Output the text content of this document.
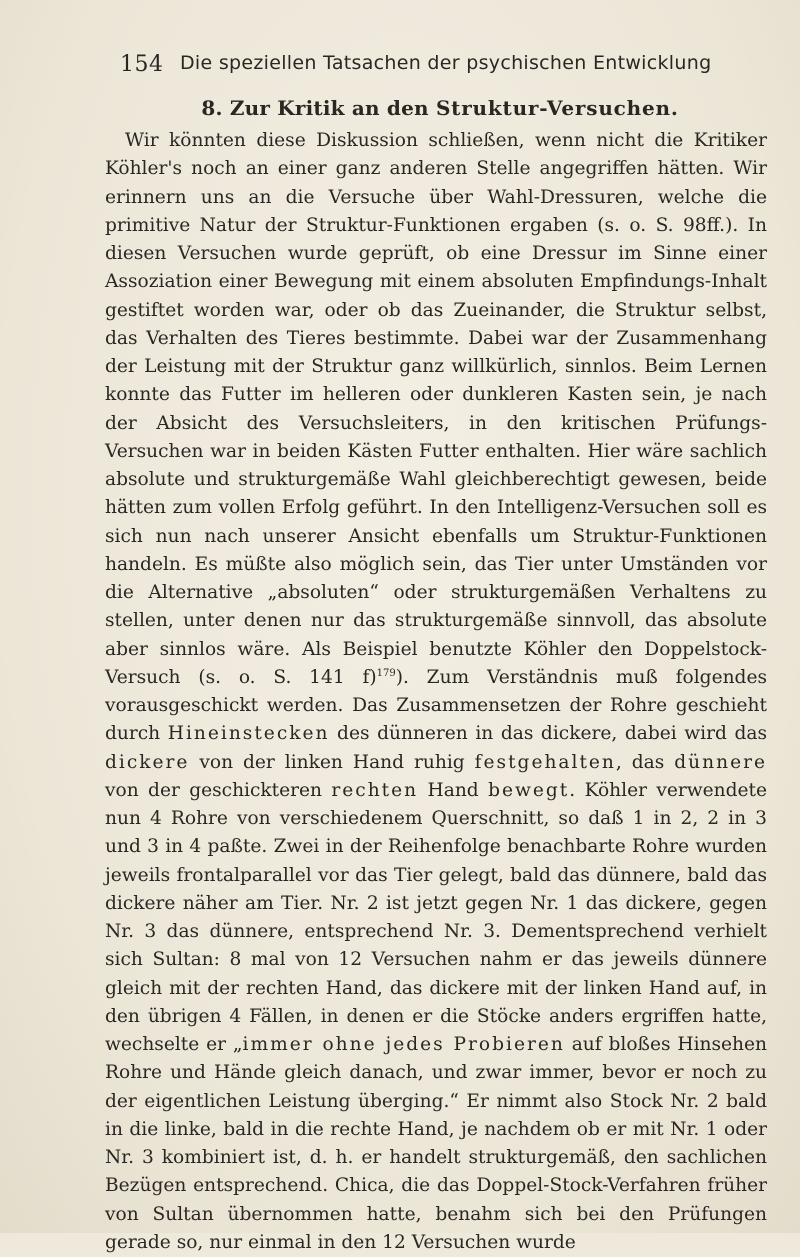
154 Die speziellen Tatsachen der psychischen Entwicklung
8. Zur Kritik an den Struktur-Versuchen.

Wir könnten diese Diskussion schließen, wenn nicht die Kritiker Köhler's noch an einer ganz anderen Stelle angegriffen hätten. Wir erinnern uns an die Versuche über Wahl-Dressuren, welche die primitive Natur der Struktur-Funktionen ergaben (s. o. S. 98ff.). In diesen Versuchen wurde geprüft, ob eine Dressur im Sinne einer Assoziation einer Bewegung mit einem absoluten Empfindungs-Inhalt gestiftet worden war, oder ob das Zueinander, die Struktur selbst, das Verhalten des Tieres bestimmte. Dabei war der Zusammenhang der Leistung mit der Struktur ganz willkürlich, sinnlos. Beim Lernen konnte das Futter im helleren oder dunkleren Kasten sein, je nach der Absicht des Versuchsleiters, in den kritischen Prüfungs-Versuchen war in beiden Kästen Futter enthalten. Hier wäre sachlich absolute und strukturgemäße Wahl gleichberechtigt gewesen, beide hätten zum vollen Erfolg geführt. In den Intelligenz-Versuchen soll es sich nun nach unserer Ansicht ebenfalls um Struktur-Funktionen handeln. Es müßte also möglich sein, das Tier unter Umständen vor die Alternative „absoluten“ oder strukturgemäßen Verhaltens zu stellen, unter denen nur das strukturgemäße sinnvoll, das absolute aber sinnlos wäre. Als Beispiel benutzte Köhler den Doppelstock-Versuch (s. o. S. 141 f)$^{179}$). Zum Verständnis muß folgendes vorausgeschickt werden. Das Zusammensetzen der Rohre geschieht durch Hineinstecken des dünneren in das dickere, dabei wird das dickere von der linken Hand ruhig festgehalten, das dünnere von der geschickteren rechten Hand bewegt. Köhler verwendete nun 4 Rohre von verschiedenem Querschnitt, so daß 1 in 2, 2 in 3 und 3 in 4 paßte. Zwei in der Reihenfolge benachbarte Rohre wurden jeweils frontalparallel vor das Tier gelegt, bald das dünnere, bald das dickere näher am Tier. Nr. 2 ist jetzt gegen Nr. 1 das dickere, gegen Nr. 3 das dünnere, entsprechend Nr. 3. Dementsprechend verhielt sich Sultan: 8 mal von 12 Versuchen nahm er das jeweils dünnere gleich mit der rechten Hand, das dickere mit der linken Hand auf, in den übrigen 4 Fällen, in denen er die Stöcke anders ergriffen hatte, wechselte er „immer ohne jedes Probieren auf bloßes Hinsehen Rohre und Hände gleich danach, und zwar immer, bevor er noch zu der eigentlichen Leistung überging.“ Er nimmt also Stock Nr. 2 bald in die linke, bald in die rechte Hand, je nachdem ob er mit Nr. 1 oder Nr. 3 kombiniert ist, d. h. er handelt strukturgemäß, den sachlichen Bezügen entsprechend. Chica, die das Doppel-Stock-Verfahren früher von Sultan übernommen hatte, benahm sich bei den Prüfungen gerade so, nur einmal in den 12 Versuchen wurde
